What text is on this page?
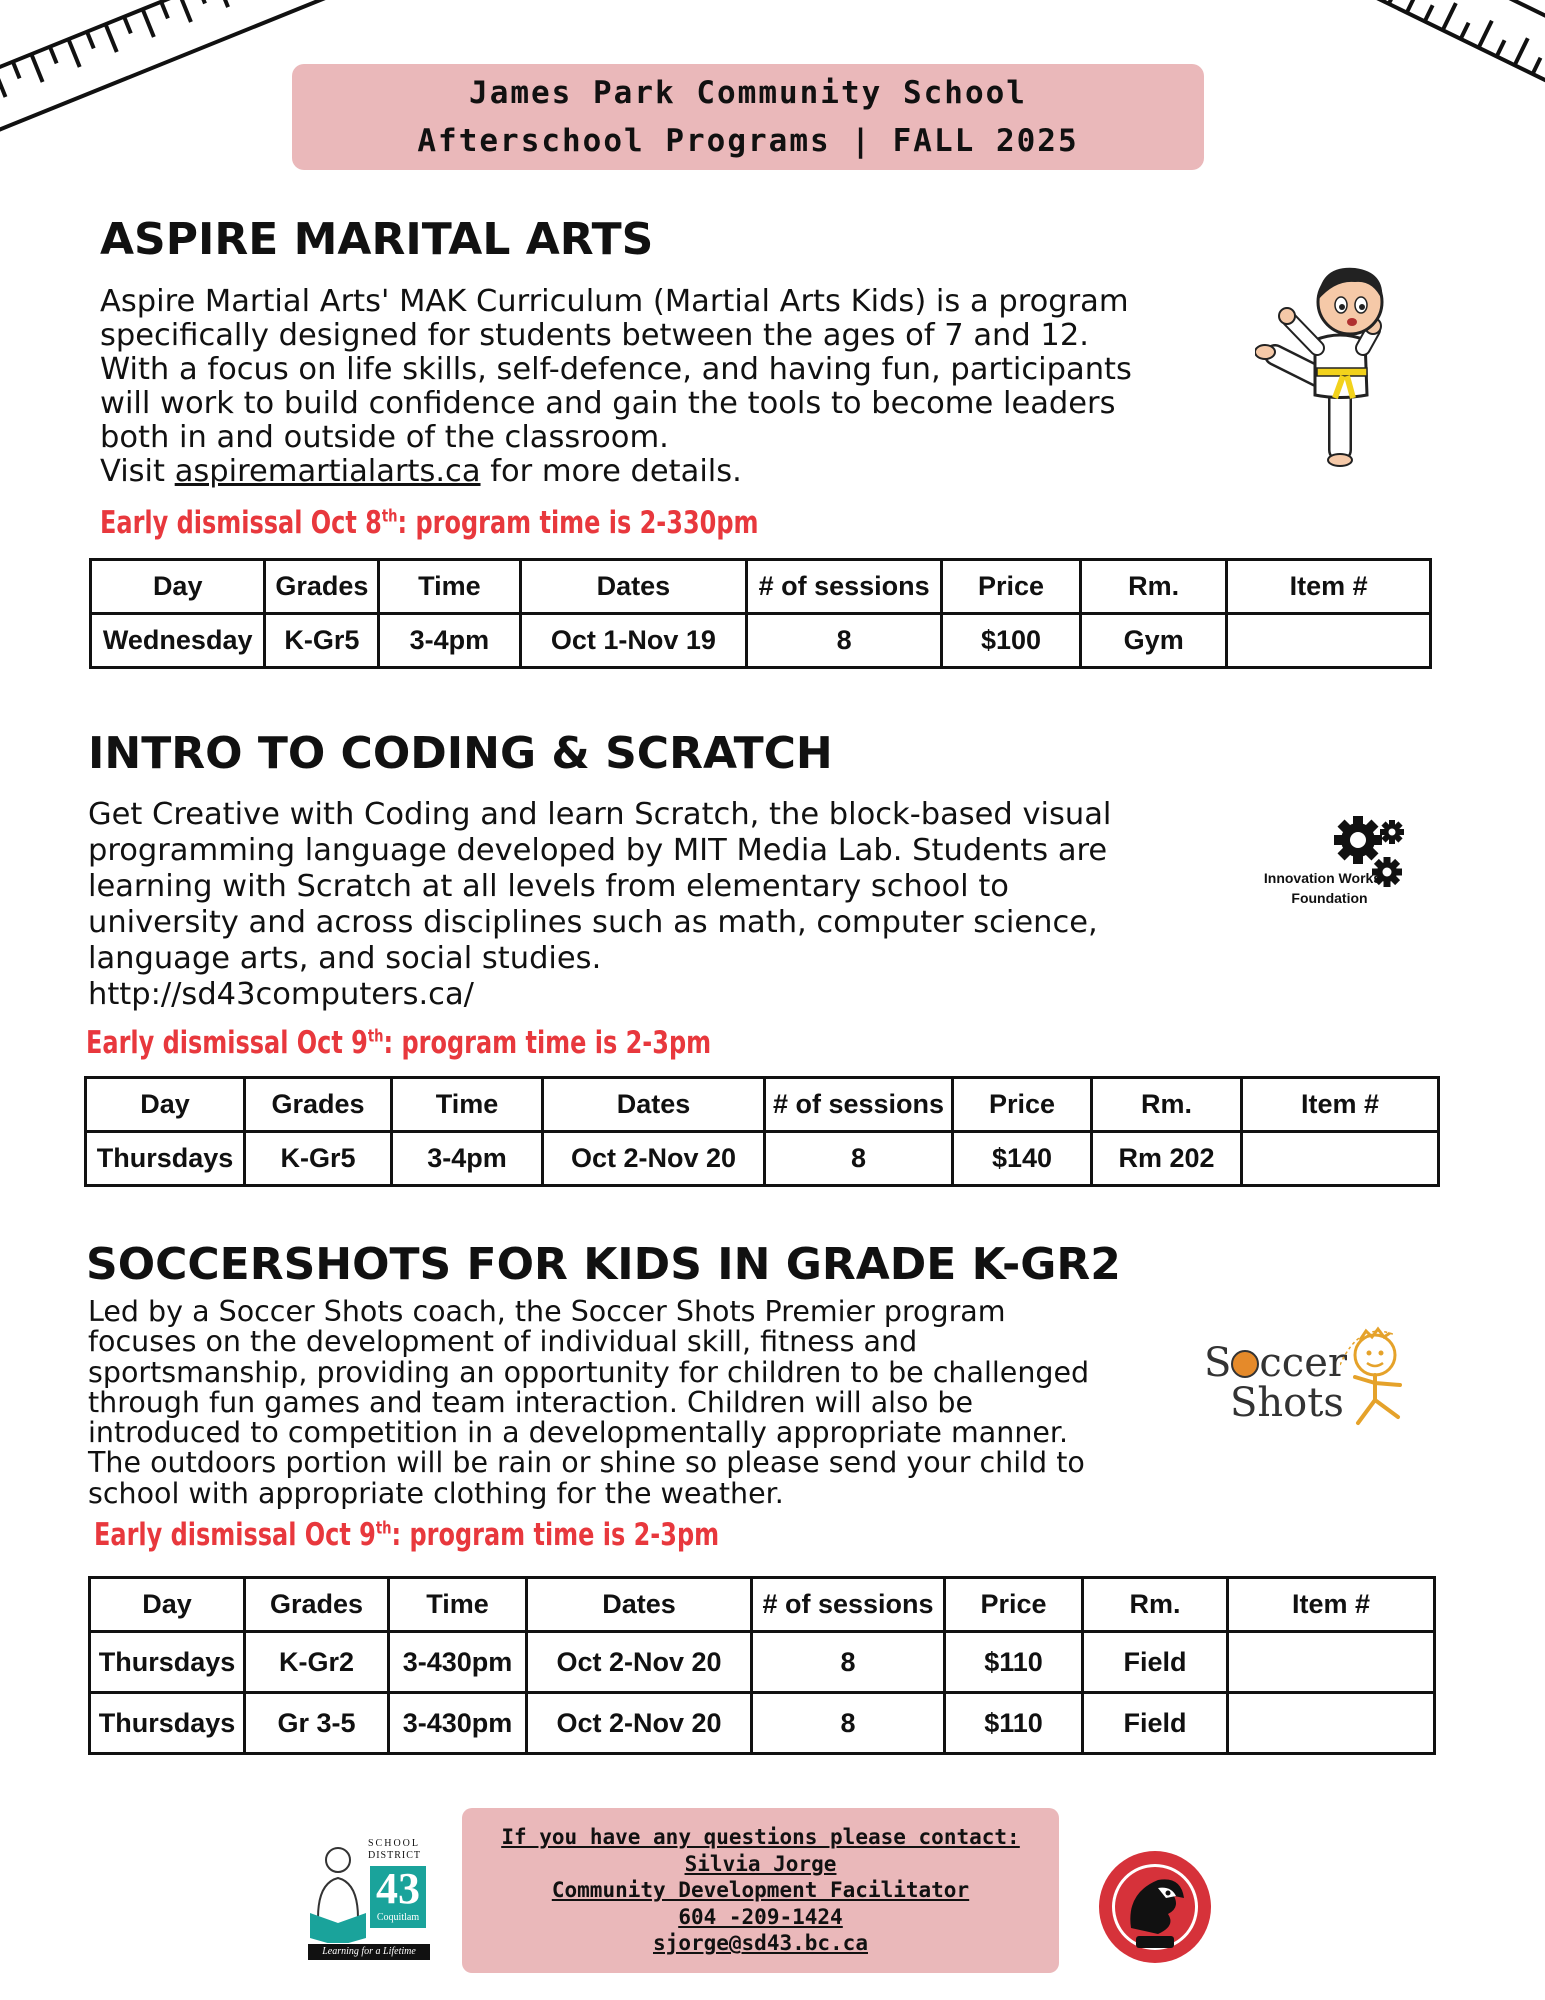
James Park Community School
Afterschool Programs | FALL 2025
ASPIRE MARITAL ARTS
Aspire Martial Arts' MAK Curriculum (Martial Arts Kids) is a program
specifically designed for students between the ages of 7 and 12.
With a focus on life skills, self-defence, and having fun, participants
will work to build confidence and gain the tools to become leaders
both in and outside of the classroom.
Visit aspiremartialarts.ca for more details.
Early dismissal Oct 8th: program time is 2-330pm
Day	Grades	Time	Dates	# of sessions	Price	Rm.	Item #
Wednesday	K-Gr5	3-4pm	Oct 1-Nov 19	8	$100	Gym	
INTRO TO CODING & SCRATCH
Get Creative with Coding and learn Scratch, the block-based visual
programming language developed by MIT Media Lab. Students are
learning with Scratch at all levels from elementary school to
university and across disciplines such as math, computer science,
language arts, and social studies.
http://sd43computers.ca/
Early dismissal Oct 9th: program time is 2-3pm
Innovation Works
Foundation
Day	Grades	Time	Dates	# of sessions	Price	Rm.	Item #
Thursdays	K-Gr5	3-4pm	Oct 2-Nov 20	8	$140	Rm 202	
SOCCERSHOTS FOR KIDS IN GRADE K-GR2
Led by a Soccer Shots coach, the Soccer Shots Premier program
focuses on the development of individual skill, fitness and
sportsmanship, providing an opportunity for children to be challenged
through fun games and team interaction. Children will also be
introduced to competition in a developmentally appropriate manner.
The outdoors portion will be rain or shine so please send your child to
school with appropriate clothing for the weather.
Early dismissal Oct 9th: program time is 2-3pm
S ccer
Shots
Day	Grades	Time	Dates	# of sessions	Price	Rm.	Item #
Thursdays	K-Gr2	3-430pm	Oct 2-Nov 20	8	$110	Field	
Thursdays	Gr 3-5	3-430pm	Oct 2-Nov 20	8	$110	Field	
SCHOOL
DISTRICT
43
Coquitlam
Learning for a Lifetime
If you have any questions please contact:
Silvia Jorge
Community Development Facilitator
604 -209-1424
sjorge@sd43.bc.ca
